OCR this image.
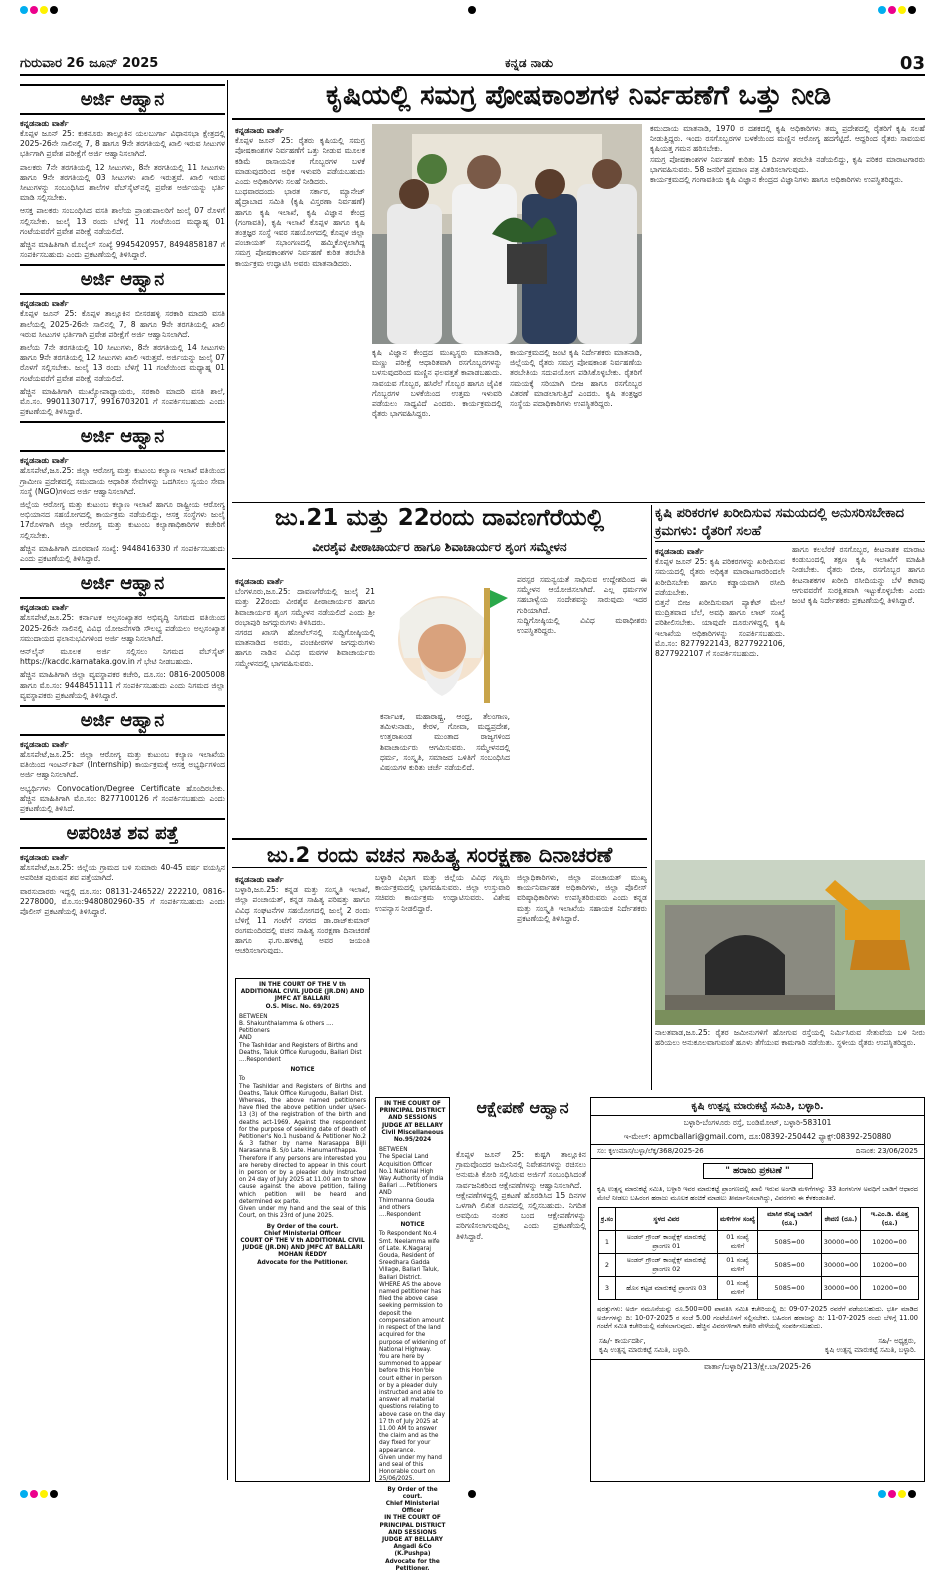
ಗುರುವಾರ 26 ಜೂನ್ 2025	ಕನ್ನಡ ನಾಡು	03
ಅರ್ಜಿ ಆಹ್ವಾನ
ಕನ್ನಡನಾಡು ವಾರ್ತೆ
ಕೊಪ್ಪಳ ಜೂನ್ 25: ಕುಕನೂರು ತಾಲ್ಲೂಕಿನ ಯಲಬುರ್ಗಾ ವಿಧಾನಸಭಾ ಕ್ಷೇತ್ರದಲ್ಲಿ 2025-26ನೇ ಸಾಲಿನಲ್ಲಿ 7, 8 ಹಾಗೂ 9ನೇ ತರಗತಿಯಲ್ಲಿ ಖಾಲಿ ಇರುವ ಸೀಟುಗಳ ಭರ್ತಿಗಾಗಿ ಪ್ರವೇಶ ಪರೀಕ್ಷೆಗೆ ಅರ್ಜಿ ಆಹ್ವಾನಿಸಲಾಗಿದೆ.
ಪಾಲಕರು 7ನೇ ತರಗತಿಯಲ್ಲಿ 12 ಸೀಟುಗಳು, 8ನೇ ತರಗತಿಯಲ್ಲಿ 11 ಸೀಟುಗಳು ಹಾಗೂ 9ನೇ ತರಗತಿಯಲ್ಲಿ 03 ಸೀಟುಗಳು ಖಾಲಿ ಇರುತ್ತವೆ. ಖಾಲಿ ಇರುವ ಸೀಟುಗಳನ್ನು ಸಂಬಂಧಿಸಿದ ಶಾಲೆಗಳ ವೆಬ್‌ಸೈಟ್‌ನಲ್ಲಿ ಪ್ರವೇಶ ಅರ್ಜಿಯನ್ನು ಭರ್ತಿ ಮಾಡಿ ಸಲ್ಲಿಸಬೇಕು.
ಆಸಕ್ತ ಪಾಲಕರು ಸಂಬಂಧಿಸಿದ ವಸತಿ ಶಾಲೆಯ ಪ್ರಾಂಶುಪಾಲರಿಗೆ ಜುಲೈ 07 ರೊಳಗೆ ಸಲ್ಲಿಸಬೇಕು. ಜುಲೈ 13 ರಂದು ಬೆಳಿಗ್ಗೆ 11 ಗಂಟೆಯಿಂದ ಮಧ್ಯಾಹ್ನ 01 ಗಂಟೆಯವರೆಗೆ ಪ್ರವೇಶ ಪರೀಕ್ಷೆ ನಡೆಯಲಿದೆ.
ಹೆಚ್ಚಿನ ಮಾಹಿತಿಗಾಗಿ ಮೊಬೈಲ್ ಸಂಖ್ಯೆ 9945420957, 8494858187 ಗೆ ಸಂಪರ್ಕಿಸಬಹುದು ಎಂದು ಪ್ರಕಟಣೆಯಲ್ಲಿ ತಿಳಿಸಿದ್ದಾರೆ.
ಅರ್ಜಿ ಆಹ್ವಾನ
ಕನ್ನಡನಾಡು ವಾರ್ತೆ
ಕೊಪ್ಪಳ ಜೂನ್ 25: ಕೊಪ್ಪಳ ತಾಲ್ಲೂಕಿನ ಬೀಸರಹಳ್ಳಿ ಸರಕಾರಿ ಮಾದರಿ ವಸತಿ ಶಾಲೆಯಲ್ಲಿ 2025-26ನೇ ಸಾಲಿನಲ್ಲಿ 7, 8 ಹಾಗೂ 9ನೇ ತರಗತಿಯಲ್ಲಿ ಖಾಲಿ ಇರುವ ಸೀಟುಗಳ ಭರ್ತಿಗಾಗಿ ಪ್ರವೇಶ ಪರೀಕ್ಷೆಗೆ ಅರ್ಜಿ ಆಹ್ವಾನಿಸಲಾಗಿದೆ.
ಶಾಲೆಯ 7ನೇ ತರಗತಿಯಲ್ಲಿ 10 ಸೀಟುಗಳು, 8ನೇ ತರಗತಿಯಲ್ಲಿ 14 ಸೀಟುಗಳು ಹಾಗೂ 9ನೇ ತರಗತಿಯಲ್ಲಿ 12 ಸೀಟುಗಳು ಖಾಲಿ ಇರುತ್ತವೆ. ಅರ್ಜಿಯನ್ನು ಜುಲೈ 07 ರೊಳಗೆ ಸಲ್ಲಿಸಬೇಕು. ಜುಲೈ 13 ರಂದು ಬೆಳಿಗ್ಗೆ 11 ಗಂಟೆಯಿಂದ ಮಧ್ಯಾಹ್ನ 01 ಗಂಟೆಯವರೆಗೆ ಪ್ರವೇಶ ಪರೀಕ್ಷೆ ನಡೆಯಲಿದೆ.
ಹೆಚ್ಚಿನ ಮಾಹಿತಿಗಾಗಿ ಮುಖ್ಯೋಪಾಧ್ಯಾಯರು, ಸರಕಾರಿ ಮಾದರಿ ವಸತಿ ಶಾಲೆ, ಮೊ.ಸಂ. 9901130717, 9916703201 ಗೆ ಸಂಪರ್ಕಿಸಬಹುದು ಎಂದು ಪ್ರಕಟಣೆಯಲ್ಲಿ ತಿಳಿಸಿದ್ದಾರೆ.
ಅರ್ಜಿ ಆಹ್ವಾನ
ಕನ್ನಡನಾಡು ವಾರ್ತೆ
ಹೊಸಪೇಟೆ,ಜೂ.25: ಜಿಲ್ಲಾ ಆರೋಗ್ಯ ಮತ್ತು ಕುಟುಂಬ ಕಲ್ಯಾಣ ಇಲಾಖೆ ವತಿಯಿಂದ ಗ್ರಾಮೀಣ ಪ್ರದೇಶದಲ್ಲಿ ಸಮುದಾಯ ಆಧಾರಿತ ಸೇವೆಗಳನ್ನು ಒದಗಿಸಲು ಸ್ವಯಂ ಸೇವಾ ಸಂಸ್ಥೆ (NGO)ಗಳಿಂದ ಅರ್ಜಿ ಆಹ್ವಾನಿಸಲಾಗಿದೆ.
ಜಿಲ್ಲೆಯ ಆರೋಗ್ಯ ಮತ್ತು ಕುಟುಂಬ ಕಲ್ಯಾಣ ಇಲಾಖೆ ಹಾಗೂ ರಾಷ್ಟ್ರೀಯ ಆರೋಗ್ಯ ಅಭಿಯಾನದ ಸಹಯೋಗದಲ್ಲಿ ಕಾರ್ಯಕ್ರಮ ನಡೆಯಲಿದ್ದು, ಆಸಕ್ತ ಸಂಸ್ಥೆಗಳು ಜುಲೈ 17ರೊಳಗಾಗಿ ಜಿಲ್ಲಾ ಆರೋಗ್ಯ ಮತ್ತು ಕುಟುಂಬ ಕಲ್ಯಾಣಾಧಿಕಾರಿಗಳ ಕಚೇರಿಗೆ ಸಲ್ಲಿಸಬೇಕು.
ಹೆಚ್ಚಿನ ಮಾಹಿತಿಗಾಗಿ ದೂರವಾಣಿ ಸಂಖ್ಯೆ: 9448416330 ಗೆ ಸಂಪರ್ಕಿಸಬಹುದು ಎಂದು ಪ್ರಕಟಣೆಯಲ್ಲಿ ತಿಳಿಸಿದ್ದಾರೆ.
ಅರ್ಜಿ ಆಹ್ವಾನ
ಕನ್ನಡನಾಡು ವಾರ್ತೆ
ಹೊಸಪೇಟೆ,ಜೂ.25: ಕರ್ನಾಟಕ ಅಲ್ಪಸಂಖ್ಯಾತರ ಅಭಿವೃದ್ಧಿ ನಿಗಮದ ವತಿಯಿಂದ 2025-26ನೇ ಸಾಲಿನಲ್ಲಿ ವಿವಿಧ ಯೋಜನೆಗಳಡಿ ಸೌಲಭ್ಯ ಪಡೆಯಲು ಅಲ್ಪಸಂಖ್ಯಾತ ಸಮುದಾಯದ ಫಲಾನುಭವಿಗಳಿಂದ ಅರ್ಜಿ ಆಹ್ವಾನಿಸಲಾಗಿದೆ.
ಆನ್‌ಲೈನ್ ಮೂಲಕ ಅರ್ಜಿ ಸಲ್ಲಿಸಲು ನಿಗಮದ ವೆಬ್‌ಸೈಟ್ https://kacdc.karnataka.gov.in ಗೆ ಭೇಟಿ ನೀಡಬಹುದು.
ಹೆಚ್ಚಿನ ಮಾಹಿತಿಗಾಗಿ ಜಿಲ್ಲಾ ವ್ಯವಸ್ಥಾಪಕರ ಕಚೇರಿ, ದೂ.ಸಂ: 0816-2005008 ಹಾಗೂ ಮೊ.ಸಂ: 9448451111 ಗೆ ಸಂಪರ್ಕಿಸಬಹುದು ಎಂದು ನಿಗಮದ ಜಿಲ್ಲಾ ವ್ಯವಸ್ಥಾಪಕರು ಪ್ರಕಟಣೆಯಲ್ಲಿ ತಿಳಿಸಿದ್ದಾರೆ.
ಅರ್ಜಿ ಆಹ್ವಾನ
ಕನ್ನಡನಾಡು ವಾರ್ತೆ
ಹೊಸಪೇಟೆ,ಜೂ.25: ಜಿಲ್ಲಾ ಆರೋಗ್ಯ ಮತ್ತು ಕುಟುಂಬ ಕಲ್ಯಾಣ ಇಲಾಖೆಯ ವತಿಯಿಂದ ಇಂಟರ್ನ್‌ಶಿಪ್ (Internship) ಕಾರ್ಯಕ್ರಮಕ್ಕೆ ಆಸಕ್ತ ಅಭ್ಯರ್ಥಿಗಳಿಂದ ಅರ್ಜಿ ಆಹ್ವಾನಿಸಲಾಗಿದೆ.
ಅಭ್ಯರ್ಥಿಗಳು Convocation/Degree Certificate ಹೊಂದಿರಬೇಕು. ಹೆಚ್ಚಿನ ಮಾಹಿತಿಗಾಗಿ ಮೊ.ಸಂ: 8277100126 ಗೆ ಸಂಪರ್ಕಿಸಬಹುದು ಎಂದು ಪ್ರಕಟಣೆಯಲ್ಲಿ ತಿಳಿಸಿದೆ.
ಅಪರಿಚಿತ ಶವ ಪತ್ತೆ
ಕನ್ನಡನಾಡು ವಾರ್ತೆ
ಹೊಸಪೇಟೆ,ಜೂ.25: ಜಿಲ್ಲೆಯ ಗ್ರಾಮದ ಬಳಿ ಸುಮಾರು 40-45 ವರ್ಷ ವಯಸ್ಸಿನ ಅಪರಿಚಿತ ಪುರುಷನ ಶವ ಪತ್ತೆಯಾಗಿದೆ.
ವಾರಸುದಾರರು ಇದ್ದಲ್ಲಿ ದೂ.ಸಂ: 08131-246522/ 222210, 0816-2278000, ಮೊ.ಸಂ:9480802960-35 ಗೆ ಸಂಪರ್ಕಿಸಬಹುದು ಎಂದು ಪೊಲೀಸ್ ಪ್ರಕಟಣೆಯಲ್ಲಿ ತಿಳಿಸಿದ್ದಾರೆ.
ಕೃಷಿಯಲ್ಲಿ ಸಮಗ್ರ ಪೋಷಕಾಂಶಗಳ ನಿರ್ವಹಣೆಗೆ ಒತ್ತು ನೀಡಿ
ಕನ್ನಡನಾಡು ವಾರ್ತೆ
ಕೊಪ್ಪಳ ಜೂನ್ 25: ರೈತರು ಕೃಷಿಯಲ್ಲಿ ಸಮಗ್ರ ಪೋಷಕಾಂಶಗಳ ನಿರ್ವಹಣೆಗೆ ಒತ್ತು ನೀಡುವ ಮೂಲಕ ಕಡಿಮೆ ರಾಸಾಯನಿಕ ಗೊಬ್ಬರಗಳ ಬಳಕೆ ಮಾಡುವುದರಿಂದ ಅಧಿಕ ಇಳುವರಿ ಪಡೆಯಬಹುದು ಎಂದು ಅಧಿಕಾರಿಗಳು ಸಲಹೆ ನೀಡಿದರು.
ಬುಧವಾರದಂದು ಭಾರತ ಸರ್ಕಾರ, ಮ್ಯಾನೇಜ್ ಹೈದ್ರಾಬಾದ ಸಮಿತಿ (ಕೃಷಿ ವಿಸ್ತರಣಾ ನಿರ್ವಹಣೆ) ಹಾಗೂ ಕೃಷಿ ಇಲಾಖೆ, ಕೃಷಿ ವಿಜ್ಞಾನ ಕೇಂದ್ರ (ಗಂಗಾವತಿ), ಕೃಷಿ ಇಲಾಖೆ ಕೊಪ್ಪಳ ಹಾಗೂ ಕೃಷಿ ತಂತ್ರಜ್ಞರ ಸಂಸ್ಥೆ ಇವರ ಸಹಯೋಗದಲ್ಲಿ ಕೊಪ್ಪಳ ಜಿಲ್ಲಾ ಪಂಚಾಯತ್ ಸಭಾಂಗಣದಲ್ಲಿ ಹಮ್ಮಿಕೊಳ್ಳಲಾಗಿದ್ದ ಸಮಗ್ರ ಪೋಷಕಾಂಶಗಳ ನಿರ್ವಹಣೆ ಕುರಿತ ತರಬೇತಿ ಕಾರ್ಯಕ್ರಮ ಉದ್ಘಾಟಿಸಿ ಅವರು ಮಾತನಾಡಿದರು.
ಕೃಷಿ ವಿಜ್ಞಾನ ಕೇಂದ್ರದ ಮುಖ್ಯಸ್ಥರು ಮಾತನಾಡಿ, ಮಣ್ಣು ಪರೀಕ್ಷೆ ಆಧಾರಿತವಾಗಿ ರಸಗೊಬ್ಬರಗಳನ್ನು ಬಳಸುವುದರಿಂದ ಮಣ್ಣಿನ ಫಲವತ್ತತೆ ಕಾಪಾಡಬಹುದು. ಸಾವಯವ ಗೊಬ್ಬರ, ಹಸಿರೆಲೆ ಗೊಬ್ಬರ ಹಾಗೂ ಜೈವಿಕ ಗೊಬ್ಬರಗಳ ಬಳಕೆಯಿಂದ ಉತ್ತಮ ಇಳುವರಿ ಪಡೆಯಲು ಸಾಧ್ಯವಿದೆ ಎಂದರು. ಕಾರ್ಯಕ್ರಮದಲ್ಲಿ ರೈತರು ಭಾಗವಹಿಸಿದ್ದರು.
ಕಾರ್ಯಕ್ರಮದಲ್ಲಿ ಜಂಟಿ ಕೃಷಿ ನಿರ್ದೇಶಕರು ಮಾತನಾಡಿ, ಜಿಲ್ಲೆಯಲ್ಲಿ ರೈತರು ಸಮಗ್ರ ಪೋಷಕಾಂಶ ನಿರ್ವಹಣೆಯ ತರಬೇತಿಯ ಸದುಪಯೋಗ ಪಡಿಸಿಕೊಳ್ಳಬೇಕು. ರೈತರಿಗೆ ಸಮಯಕ್ಕೆ ಸರಿಯಾಗಿ ಬೀಜ ಹಾಗೂ ರಸಗೊಬ್ಬರ ವಿತರಣೆ ಮಾಡಲಾಗುತ್ತಿದೆ ಎಂದರು. ಕೃಷಿ ತಂತ್ರಜ್ಞರ ಸಂಸ್ಥೆಯ ಪದಾಧಿಕಾರಿಗಳು ಉಪಸ್ಥಿತರಿದ್ದರು.
ಕಮುದಾಯ ಮಾತನಾಡಿ, 1970 ರ ದಶಕದಲ್ಲಿ ಕೃಷಿ ಅಧಿಕಾರಿಗಳು ತಮ್ಮ ಪ್ರದೇಶದಲ್ಲಿ ರೈತರಿಗೆ ಕೃಷಿ ಸಲಹೆ ನೀಡುತ್ತಿದ್ದರು. ಇಂದು ರಸಗೊಬ್ಬರಗಳ ಬಳಕೆಯಿಂದ ಮಣ್ಣಿನ ಆರೋಗ್ಯ ಹದಗೆಟ್ಟಿದೆ. ಆದ್ದರಿಂದ ರೈತರು ಸಾವಯವ ಕೃಷಿಯತ್ತ ಗಮನ ಹರಿಸಬೇಕು.
ಸಮಗ್ರ ಪೋಷಕಾಂಶಗಳ ನಿರ್ವಹಣೆ ಕುರಿತು 15 ದಿನಗಳ ತರಬೇತಿ ನಡೆಯಲಿದ್ದು, ಕೃಷಿ ಪರಿಕರ ಮಾರಾಟಗಾರರು ಭಾಗವಹಿಸುವರು. 58 ಜನರಿಗೆ ಪ್ರಮಾಣ ಪತ್ರ ವಿತರಿಸಲಾಗುವುದು.
ಕಾರ್ಯಕ್ರಮದಲ್ಲಿ ಗಂಗಾವತಿಯ ಕೃಷಿ ವಿಜ್ಞಾನ ಕೇಂದ್ರದ ವಿಜ್ಞಾನಿಗಳು ಹಾಗೂ ಅಧಿಕಾರಿಗಳು ಉಪಸ್ಥಿತರಿದ್ದರು.
ಜು.21 ಮತ್ತು 22ರಂದು ದಾವಣಗೆರೆಯಲ್ಲಿ
ವೀರಶೈವ ಪೀಠಾಚಾರ್ಯರ ಹಾಗೂ ಶಿವಾಚಾರ್ಯರ ಶೃಂಗ ಸಮ್ಮೇಳನ
ಕನ್ನಡನಾಡು ವಾರ್ತೆ
ಬೆಂಗಳೂರು,ಜೂ.25: ದಾವಣಗೆರೆಯಲ್ಲಿ ಜುಲೈ 21 ಮತ್ತು 22ರಂದು ವೀರಶೈವ ಪೀಠಾಚಾರ್ಯರ ಹಾಗೂ ಶಿವಾಚಾರ್ಯರ ಶೃಂಗ ಸಮ್ಮೇಳನ ನಡೆಯಲಿದೆ ಎಂದು ಶ್ರೀ ರಂಭಾಪುರಿ ಜಗದ್ಗುರುಗಳು ತಿಳಿಸಿದರು.
ನಗರದ ಖಾಸಗಿ ಹೋಟೆಲ್‌ನಲ್ಲಿ ಸುದ್ದಿಗೋಷ್ಠಿಯಲ್ಲಿ ಮಾತನಾಡಿದ ಅವರು, ಪಂಚಪೀಠಗಳ ಜಗದ್ಗುರುಗಳು ಹಾಗೂ ನಾಡಿನ ವಿವಿಧ ಮಠಗಳ ಶಿವಾಚಾರ್ಯರು ಸಮ್ಮೇಳನದಲ್ಲಿ ಭಾಗವಹಿಸುವರು.
ಕರ್ನಾಟಕ, ಮಹಾರಾಷ್ಟ್ರ, ಆಂಧ್ರ, ತೆಲಂಗಾಣ, ತಮಿಳುನಾಡು, ಕೇರಳ, ಗೋವಾ, ಮಧ್ಯಪ್ರದೇಶ, ಉತ್ತರಾಖಂಡ ಮುಂತಾದ ರಾಜ್ಯಗಳಿಂದ ಶಿವಾಚಾರ್ಯರು ಆಗಮಿಸುವರು. ಸಮ್ಮೇಳನದಲ್ಲಿ ಧರ್ಮ, ಸಂಸ್ಕೃತಿ, ಸಮಾಜದ ಒಳಿತಿಗೆ ಸಂಬಂಧಿಸಿದ ವಿಷಯಗಳ ಕುರಿತು ಚರ್ಚೆ ನಡೆಯಲಿದೆ.
ಪರಸ್ಪರ ಸಮನ್ವಯತೆ ಸಾಧಿಸುವ ಉದ್ದೇಶದಿಂದ ಈ ಸಮ್ಮೇಳನ ಆಯೋಜಿಸಲಾಗಿದೆ. ಎಲ್ಲ ಧರ್ಮಗಳ ಸಹಬಾಳ್ವೆಯ ಸಂದೇಶವನ್ನು ಸಾರುವುದು ಇದರ ಗುರಿಯಾಗಿದೆ.
ಸುದ್ದಿಗೋಷ್ಠಿಯಲ್ಲಿ ವಿವಿಧ ಮಠಾಧೀಶರು ಉಪಸ್ಥಿತರಿದ್ದರು.
ಕೃಷಿ ಪರಿಕರಗಳ ಖರೀದಿಸುವ ಸಮಯದಲ್ಲಿ ಅನುಸರಿಸಬೇಕಾದ ಕ್ರಮಗಳು: ರೈತರಿಗೆ ಸಲಹೆ
ಕನ್ನಡನಾಡು ವಾರ್ತೆ
ಕೊಪ್ಪಳ ಜೂನ್ 25: ಕೃಷಿ ಪರಿಕರಗಳನ್ನು ಖರೀದಿಸುವ ಸಮಯದಲ್ಲಿ ರೈತರು ಅಧಿಕೃತ ಮಾರಾಟಗಾರರಿಂದಲೇ ಖರೀದಿಸಬೇಕು ಹಾಗೂ ಕಡ್ಡಾಯವಾಗಿ ರಸೀದಿ ಪಡೆಯಬೇಕು.
ಬಿತ್ತನೆ ಬೀಜ ಖರೀದಿಸುವಾಗ ಪ್ಯಾಕೆಟ್ ಮೇಲೆ ಮುದ್ರಿತವಾದ ಬೆಲೆ, ಅವಧಿ ಹಾಗೂ ಲಾಟ್ ಸಂಖ್ಯೆ ಪರಿಶೀಲಿಸಬೇಕು. ಯಾವುದೇ ದೂರುಗಳಿದ್ದಲ್ಲಿ ಕೃಷಿ ಇಲಾಖೆಯ ಅಧಿಕಾರಿಗಳನ್ನು ಸಂಪರ್ಕಿಸಬಹುದು. ಮೊ.ಸಂ: 8277922143, 8277922106, 8277922107 ಗೆ ಸಂಪರ್ಕಿಸಬಹುದು.
ಹಾಗೂ ಕಲಬೆರಕೆ ರಸಗೊಬ್ಬರ, ಕೀಟನಾಶಕ ಮಾರಾಟ ಕಂಡುಬಂದಲ್ಲಿ ತಕ್ಷಣ ಕೃಷಿ ಇಲಾಖೆಗೆ ಮಾಹಿತಿ ನೀಡಬೇಕು. ರೈತರು ಬೀಜ, ರಸಗೊಬ್ಬರ ಹಾಗೂ ಕೀಟನಾಶಕಗಳ ಖರೀದಿ ರಸೀದಿಯನ್ನು ಬೆಳೆ ಕಟಾವು ಆಗುವವರೆಗೆ ಸುರಕ್ಷಿತವಾಗಿ ಇಟ್ಟುಕೊಳ್ಳಬೇಕು ಎಂದು ಜಂಟಿ ಕೃಷಿ ನಿರ್ದೇಶಕರು ಪ್ರಕಟಣೆಯಲ್ಲಿ ತಿಳಿಸಿದ್ದಾರೆ.
ನಾಲತವಾಡ,ಜೂ.25: ರೈತರ ಜಮೀನುಗಳಿಗೆ ಹೋಗುವ ರಸ್ತೆಯಲ್ಲಿ ನಿರ್ಮಿಸಿರುವ ಸೇತುವೆಯ ಬಳಿ ನೀರು ಹರಿಯಲು ಅನುಕೂಲವಾಗುವಂತೆ ಹೂಳು ತೆಗೆಯುವ ಕಾಮಗಾರಿ ನಡೆಯಿತು. ಸ್ಥಳೀಯ ರೈತರು ಉಪಸ್ಥಿತರಿದ್ದರು.
ಜು.2 ರಂದು ವಚನ ಸಾಹಿತ್ಯ ಸಂರಕ್ಷಣಾ ದಿನಾಚರಣೆ
ಕನ್ನಡನಾಡು ವಾರ್ತೆ
ಬಳ್ಳಾರಿ,ಜೂ.25: ಕನ್ನಡ ಮತ್ತು ಸಂಸ್ಕೃತಿ ಇಲಾಖೆ, ಜಿಲ್ಲಾ ಪಂಚಾಯತ್, ಕನ್ನಡ ಸಾಹಿತ್ಯ ಪರಿಷತ್ತು ಹಾಗೂ ವಿವಿಧ ಸಂಘಟನೆಗಳ ಸಹಯೋಗದಲ್ಲಿ ಜುಲೈ 2 ರಂದು ಬೆಳಿಗ್ಗೆ 11 ಗಂಟೆಗೆ ನಗರದ ಡಾ.ರಾಜ್‌ಕುಮಾರ್ ರಂಗಮಂದಿರದಲ್ಲಿ ವಚನ ಸಾಹಿತ್ಯ ಸಂರಕ್ಷಣಾ ದಿನಾಚರಣೆ ಹಾಗೂ ಫ.ಗು.ಹಳಕಟ್ಟಿ ಅವರ ಜಯಂತಿ ಆಚರಿಸಲಾಗುವುದು.
ಬಳ್ಳಾರಿ ವಿಭಾಗ ಮತ್ತು ಜಿಲ್ಲೆಯ ವಿವಿಧ ಗಣ್ಯರು ಕಾರ್ಯಕ್ರಮದಲ್ಲಿ ಭಾಗವಹಿಸುವರು. ಜಿಲ್ಲಾ ಉಸ್ತುವಾರಿ ಸಚಿವರು ಕಾರ್ಯಕ್ರಮ ಉದ್ಘಾಟಿಸುವರು. ವಿಶೇಷ ಉಪನ್ಯಾಸ ನೀಡಲಿದ್ದಾರೆ.
ಜಿಲ್ಲಾಧಿಕಾರಿಗಳು, ಜಿಲ್ಲಾ ಪಂಚಾಯತ್ ಮುಖ್ಯ ಕಾರ್ಯನಿರ್ವಾಹಕ ಅಧಿಕಾರಿಗಳು, ಜಿಲ್ಲಾ ಪೊಲೀಸ್ ವರಿಷ್ಠಾಧಿಕಾರಿಗಳು ಉಪಸ್ಥಿತರಿರುವರು ಎಂದು ಕನ್ನಡ ಮತ್ತು ಸಂಸ್ಕೃತಿ ಇಲಾಖೆಯ ಸಹಾಯಕ ನಿರ್ದೇಶಕರು ಪ್ರಕಟಣೆಯಲ್ಲಿ ತಿಳಿಸಿದ್ದಾರೆ.
IN THE COURT OF THE V th ADDITIONAL CIVIL JUDGE (JR.DN) AND JMFC AT BALLARI
O.S. Misc. No. 69/2025
BETWEEN
B. Shakunthalamma & others .... Petitioners
AND
The Tashildar and Registers of Births and Deaths, Taluk Office Kurugodu, Ballari Dist ....Respondent
NOTICE
To
The Tashildar and Registers of Births and Deaths, Taluk Office Kurugodu, Ballari Dist.
Whereas, the above named petitioners have filed the above petition under u/sec-13 (3) of the registration of the birth and deaths act-1969. Against the respondent for the purpose of seeking date of death of Petitioner's No.1 husband & Petitioner No.2 & 3 father by name Narasappa Bijli Narasanna B. S/o Late. Hanumanthappa.
Therefore if any persons are interested you are hereby directed to appear in this court in person or by a pleader duly instructed on 24 day of July 2025 at 11.00 am to show cause against the above petition, failing which petition will be heard and determined ex parte.
Given under my hand and the seal of this Court, on this 23rd of June 2025.
By Order of the court.
Chief Ministerial Officer
COURT OF THE V th ADDITIONAL CIVIL JUDGE (JR.DN) AND JMFC AT BALLARI
MOHAN REDDY
Advocate for the Petitioner.
IN THE COURT OF PRINCIPAL DISTRICT AND SESSIONS JUDGE AT BELLARY
Civil Miscellaneous No.95/2024
BETWEEN
The Special Land Acquisition Officer No.1 National High Way Authority of India Ballari ....Petitioners
AND
Thimmanna Gouda and others ....Respondent
NOTICE
To Respondent No.4 Smt. Neelamma wife of Late. K.Nagaraj Gouda, Resident of Sreedhara Gadda Village, Ballari Taluk, Ballari District.
WHERE AS the above named petitioner has filed the above case seeking permission to deposit the compensation amount in respect of the land acquired for the purpose of widening of National Highway.
You are here by summoned to appear before this Hon'ble court either in person or by a pleader duly instructed and able to answer all material questions relating to above case on the day 17 th of July 2025 at 11.00 AM to answer the claim and as the day fixed for your appearance.
Given under my hand and seal of this Honorable court on 25/06/2025.
By Order of the court.
Chief Ministerial Officer
IN THE COURT OF PRINCIPAL DISTRICT AND SESSIONS JUDGE AT BELLARY
Angadi &Co (K.Pushpa)
Advocate for the Petitioner.
ಆಕ್ಷೇಪಣೆ ಆಹ್ವಾನ
ಕೊಪ್ಪಳ ಜೂನ್ 25: ಕುಷ್ಟಗಿ ತಾಲ್ಲೂಕಿನ ಗ್ರಾಮವೊಂದರ ಜಮೀನಿನಲ್ಲಿ ನಿವೇಶನಗಳನ್ನು ರಚಿಸಲು ಅನುಮತಿ ಕೋರಿ ಸಲ್ಲಿಸಿರುವ ಅರ್ಜಿಗೆ ಸಂಬಂಧಿಸಿದಂತೆ ಸಾರ್ವಜನಿಕರಿಂದ ಆಕ್ಷೇಪಣೆಗಳನ್ನು ಆಹ್ವಾನಿಸಲಾಗಿದೆ.
ಆಕ್ಷೇಪಣೆಗಳಿದ್ದಲ್ಲಿ ಪ್ರಕಟಣೆ ಹೊರಡಿಸಿದ 15 ದಿನಗಳ ಒಳಗಾಗಿ ಲಿಖಿತ ರೂಪದಲ್ಲಿ ಸಲ್ಲಿಸಬಹುದು. ನಿಗದಿತ ಅವಧಿಯ ನಂತರ ಬಂದ ಆಕ್ಷೇಪಣೆಗಳನ್ನು ಪರಿಗಣಿಸಲಾಗುವುದಿಲ್ಲ ಎಂದು ಪ್ರಕಟಣೆಯಲ್ಲಿ ತಿಳಿಸಿದ್ದಾರೆ.
ಕೃಷಿ ಉತ್ಪನ್ನ ಮಾರುಕಟ್ಟೆ ಸಮಿತಿ, ಬಳ್ಳಾರಿ.
ಬಳ್ಳಾರಿ-ಬೆಂಗಳೂರು ರಸ್ತೆ, ಬಂಡಿಮೋಟ್, ಬಳ್ಳಾರಿ-583101
ಇ-ಮೇಲ್: apmcballari@gmail.com, ದೂ:08392-250442 ಫ್ಯಾಕ್ಸ್:08392-250880
ಸಂ: ಕೃಉಮಾಸ/ಬಳ್ಳಾ/ಲೆಕ್ಕ/368/2025-26	ದಿನಾಂಕ: 23/06/2025
" ಹರಾಜು ಪ್ರಕಟಣೆ "
ಕೃಷಿ ಉತ್ಪನ್ನ ಮಾರುಕಟ್ಟೆ ಸಮಿತಿ, ಬಳ್ಳಾರಿ ಇವರ ಮಾರುಕಟ್ಟೆ ಪ್ರಾಂಗಣದಲ್ಲಿ ಖಾಲಿ ಇರುವ ಅಂಗಡಿ ಮಳಿಗೆಗಳನ್ನು 33 ತಿಂಗಳುಗಳ ಅವಧಿಗೆ ಬಾಡಿಗೆ ಆಧಾರದ ಮೇಲೆ ನೀಡಲು ಬಹಿರಂಗ ಹರಾಜು ಮೂಲಕ ಹಂಚಿಕೆ ಮಾಡಲು ತೀರ್ಮಾನಿಸಲಾಗಿದ್ದು, ವಿವರಗಳು ಈ ಕೆಳಕಂಡಂತಿವೆ.
ಕ್ರ.ಸಂ	ಸ್ಥಳದ ವಿವರ	ಮಳಿಗೆಗಳ ಸಂಖ್ಯೆ	ಮಾಸಿಕ ಕನಿಷ್ಠ ಬಾಡಿಗೆ (ರೂ.)	ಠೇವಣಿ (ರೂ.)	ಇ.ಎಂ.ಡಿ. ಮೊತ್ತ (ರೂ.)
1	ಅಂಡರ್ ಗ್ರೌಂಡ್ ಕಾಂಪ್ಲೆಕ್ಸ್ ಮಾರುಕಟ್ಟೆ ಪ್ರಾಂಗಣ 01	01 ಸಂಖ್ಯೆ ಮಳಿಗೆ	5085=00	30000=00	10200=00
2	ಅಂಡರ್ ಗ್ರೌಂಡ್ ಕಾಂಪ್ಲೆಕ್ಸ್ ಮಾರುಕಟ್ಟೆ ಪ್ರಾಂಗಣ 02	01 ಸಂಖ್ಯೆ ಮಳಿಗೆ	5085=00	30000=00	10200=00
3	ಹೊಸ ಕಟ್ಟಡ ಮಾರುಕಟ್ಟೆ ಪ್ರಾಂಗಣ 03	01 ಸಂಖ್ಯೆ ಮಳಿಗೆ	5085=00	30000=00	10200=00
ಷರತ್ತುಗಳು: ಅರ್ಜಿ ನಮೂನೆಯನ್ನು ರೂ.500=00 ಪಾವತಿಸಿ ಸಮಿತಿ ಕಚೇರಿಯಲ್ಲಿ ದಿ: 09-07-2025 ರವರೆಗೆ ಪಡೆಯಬಹುದು. ಭರ್ತಿ ಮಾಡಿದ ಅರ್ಜಿಗಳನ್ನು ದಿ: 10-07-2025 ರ ಸಂಜೆ 5.00 ಗಂಟೆಯೊಳಗೆ ಸಲ್ಲಿಸಬೇಕು. ಬಹಿರಂಗ ಹರಾಜನ್ನು ದಿ: 11-07-2025 ರಂದು ಬೆಳಿಗ್ಗೆ 11.00 ಗಂಟೆಗೆ ಸಮಿತಿ ಕಚೇರಿಯಲ್ಲಿ ನಡೆಸಲಾಗುವುದು. ಹೆಚ್ಚಿನ ವಿವರಗಳಿಗಾಗಿ ಕಚೇರಿ ವೇಳೆಯಲ್ಲಿ ಸಂಪರ್ಕಿಸಬಹುದು.
ಸಹಿ/- ಕಾರ್ಯದರ್ಶಿ,
ಕೃಷಿ ಉತ್ಪನ್ನ ಮಾರುಕಟ್ಟೆ ಸಮಿತಿ, ಬಳ್ಳಾರಿ.
ಸಹಿ/- ಅಧ್ಯಕ್ಷರು,
ಕೃಷಿ ಉತ್ಪನ್ನ ಮಾರುಕಟ್ಟೆ ಸಮಿತಿ, ಬಳ್ಳಾರಿ.
ವಾರ್ತಾ/ಬಳ್ಳಾರಿ/213/ಕ್ಷೇ.ಬಾ/2025-26
